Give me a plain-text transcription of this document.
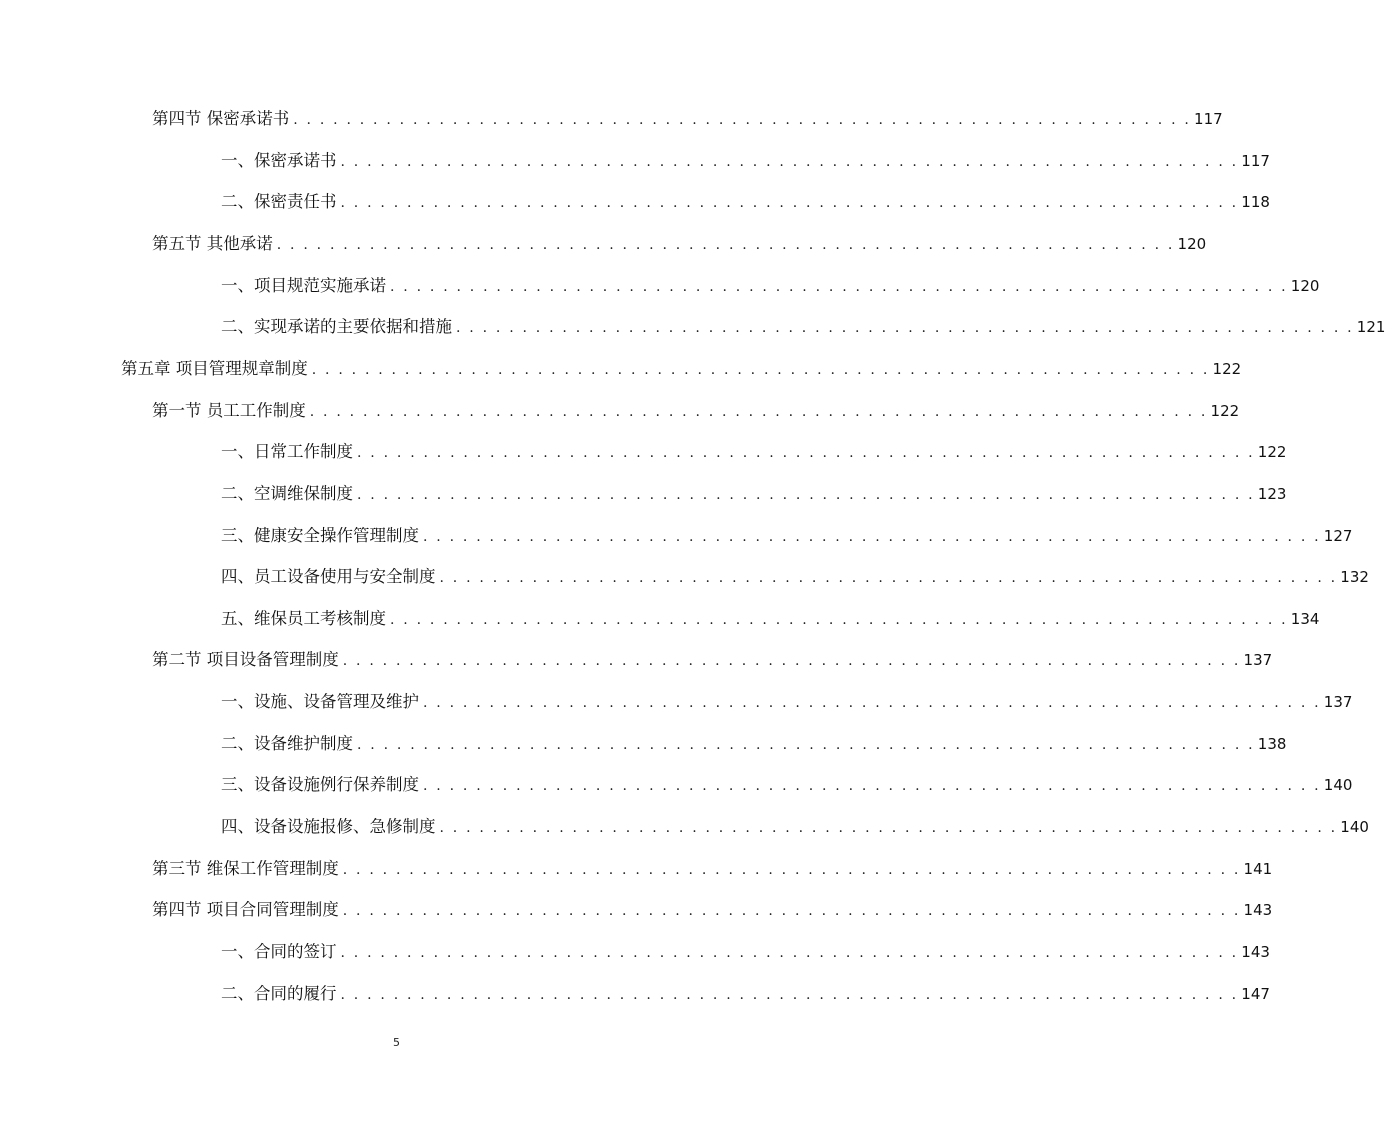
第四节 保密承诺书 . . . . . . . . . . . . . . . . . . . . . . . . . . . . . . . . . . . . . . . . . . . . . . . . . . . . . . . . . . . . . . . . . . . . 117
一、保密承诺书 . . . . . . . . . . . . . . . . . . . . . . . . . . . . . . . . . . . . . . . . . . . . . . . . . . . . . . . . . . . . . . . . . . . . 117
二、保密责任书 . . . . . . . . . . . . . . . . . . . . . . . . . . . . . . . . . . . . . . . . . . . . . . . . . . . . . . . . . . . . . . . . . . . . 118
第五节 其他承诺 . . . . . . . . . . . . . . . . . . . . . . . . . . . . . . . . . . . . . . . . . . . . . . . . . . . . . . . . . . . . . . . . . . . . 120
一、项目规范实施承诺 . . . . . . . . . . . . . . . . . . . . . . . . . . . . . . . . . . . . . . . . . . . . . . . . . . . . . . . . . . . . . . . . . . . . 120
二、实现承诺的主要依据和措施 . . . . . . . . . . . . . . . . . . . . . . . . . . . . . . . . . . . . . . . . . . . . . . . . . . . . . . . . . . . . . . . . . . . . 121
第五章 项目管理规章制度 . . . . . . . . . . . . . . . . . . . . . . . . . . . . . . . . . . . . . . . . . . . . . . . . . . . . . . . . . . . . . . . . . . . . 122
第一节 员工工作制度 . . . . . . . . . . . . . . . . . . . . . . . . . . . . . . . . . . . . . . . . . . . . . . . . . . . . . . . . . . . . . . . . . . . . 122
一、日常工作制度 . . . . . . . . . . . . . . . . . . . . . . . . . . . . . . . . . . . . . . . . . . . . . . . . . . . . . . . . . . . . . . . . . . . . 122
二、空调维保制度 . . . . . . . . . . . . . . . . . . . . . . . . . . . . . . . . . . . . . . . . . . . . . . . . . . . . . . . . . . . . . . . . . . . . 123
三、健康安全操作管理制度 . . . . . . . . . . . . . . . . . . . . . . . . . . . . . . . . . . . . . . . . . . . . . . . . . . . . . . . . . . . . . . . . . . . . 127
四、员工设备使用与安全制度 . . . . . . . . . . . . . . . . . . . . . . . . . . . . . . . . . . . . . . . . . . . . . . . . . . . . . . . . . . . . . . . . . . . . 132
五、维保员工考核制度 . . . . . . . . . . . . . . . . . . . . . . . . . . . . . . . . . . . . . . . . . . . . . . . . . . . . . . . . . . . . . . . . . . . . 134
第二节 项目设备管理制度 . . . . . . . . . . . . . . . . . . . . . . . . . . . . . . . . . . . . . . . . . . . . . . . . . . . . . . . . . . . . . . . . . . . . 137
一、设施、设备管理及维护 . . . . . . . . . . . . . . . . . . . . . . . . . . . . . . . . . . . . . . . . . . . . . . . . . . . . . . . . . . . . . . . . . . . . 137
二、设备维护制度 . . . . . . . . . . . . . . . . . . . . . . . . . . . . . . . . . . . . . . . . . . . . . . . . . . . . . . . . . . . . . . . . . . . . 138
三、设备设施例行保养制度 . . . . . . . . . . . . . . . . . . . . . . . . . . . . . . . . . . . . . . . . . . . . . . . . . . . . . . . . . . . . . . . . . . . . 140
四、设备设施报修、急修制度 . . . . . . . . . . . . . . . . . . . . . . . . . . . . . . . . . . . . . . . . . . . . . . . . . . . . . . . . . . . . . . . . . . . . 140
第三节 维保工作管理制度 . . . . . . . . . . . . . . . . . . . . . . . . . . . . . . . . . . . . . . . . . . . . . . . . . . . . . . . . . . . . . . . . . . . . 141
第四节 项目合同管理制度 . . . . . . . . . . . . . . . . . . . . . . . . . . . . . . . . . . . . . . . . . . . . . . . . . . . . . . . . . . . . . . . . . . . . 143
一、合同的签订 . . . . . . . . . . . . . . . . . . . . . . . . . . . . . . . . . . . . . . . . . . . . . . . . . . . . . . . . . . . . . . . . . . . . 143
二、合同的履行 . . . . . . . . . . . . . . . . . . . . . . . . . . . . . . . . . . . . . . . . . . . . . . . . . . . . . . . . . . . . . . . . . . . . 147
5
